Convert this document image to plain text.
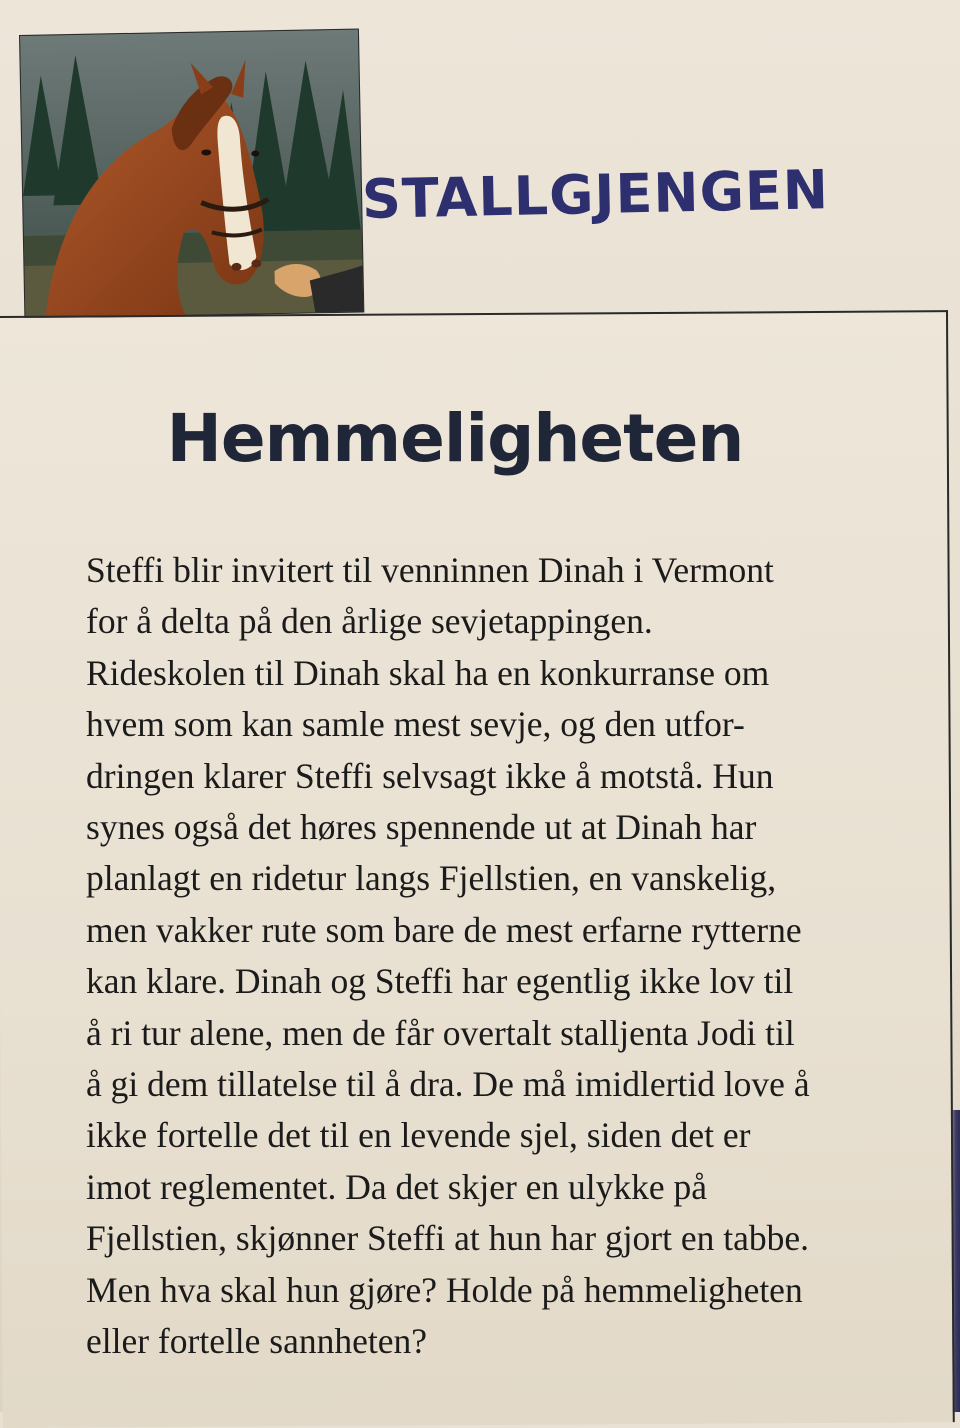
STALLGJENGEN
Hemmeligheten
Steffi blir invitert til venninnen Dinah i Vermont
for å delta på den årlige sevjetappingen.
Rideskolen til Dinah skal ha en konkurranse om
hvem som kan samle mest sevje, og den utfor-
dringen klarer Steffi selvsagt ikke å motstå. Hun
synes også det høres spennende ut at Dinah har
planlagt en ridetur langs Fjellstien, en vanskelig,
men vakker rute som bare de mest erfarne rytterne
kan klare. Dinah og Steffi har egentlig ikke lov til
å ri tur alene, men de får overtalt stalljenta Jodi til
å gi dem tillatelse til å dra. De må imidlertid love å
ikke fortelle det til en levende sjel, siden det er
imot reglementet. Da det skjer en ulykke på
Fjellstien, skjønner Steffi at hun har gjort en tabbe.
Men hva skal hun gjøre? Holde på hemmeligheten
eller fortelle sannheten?
